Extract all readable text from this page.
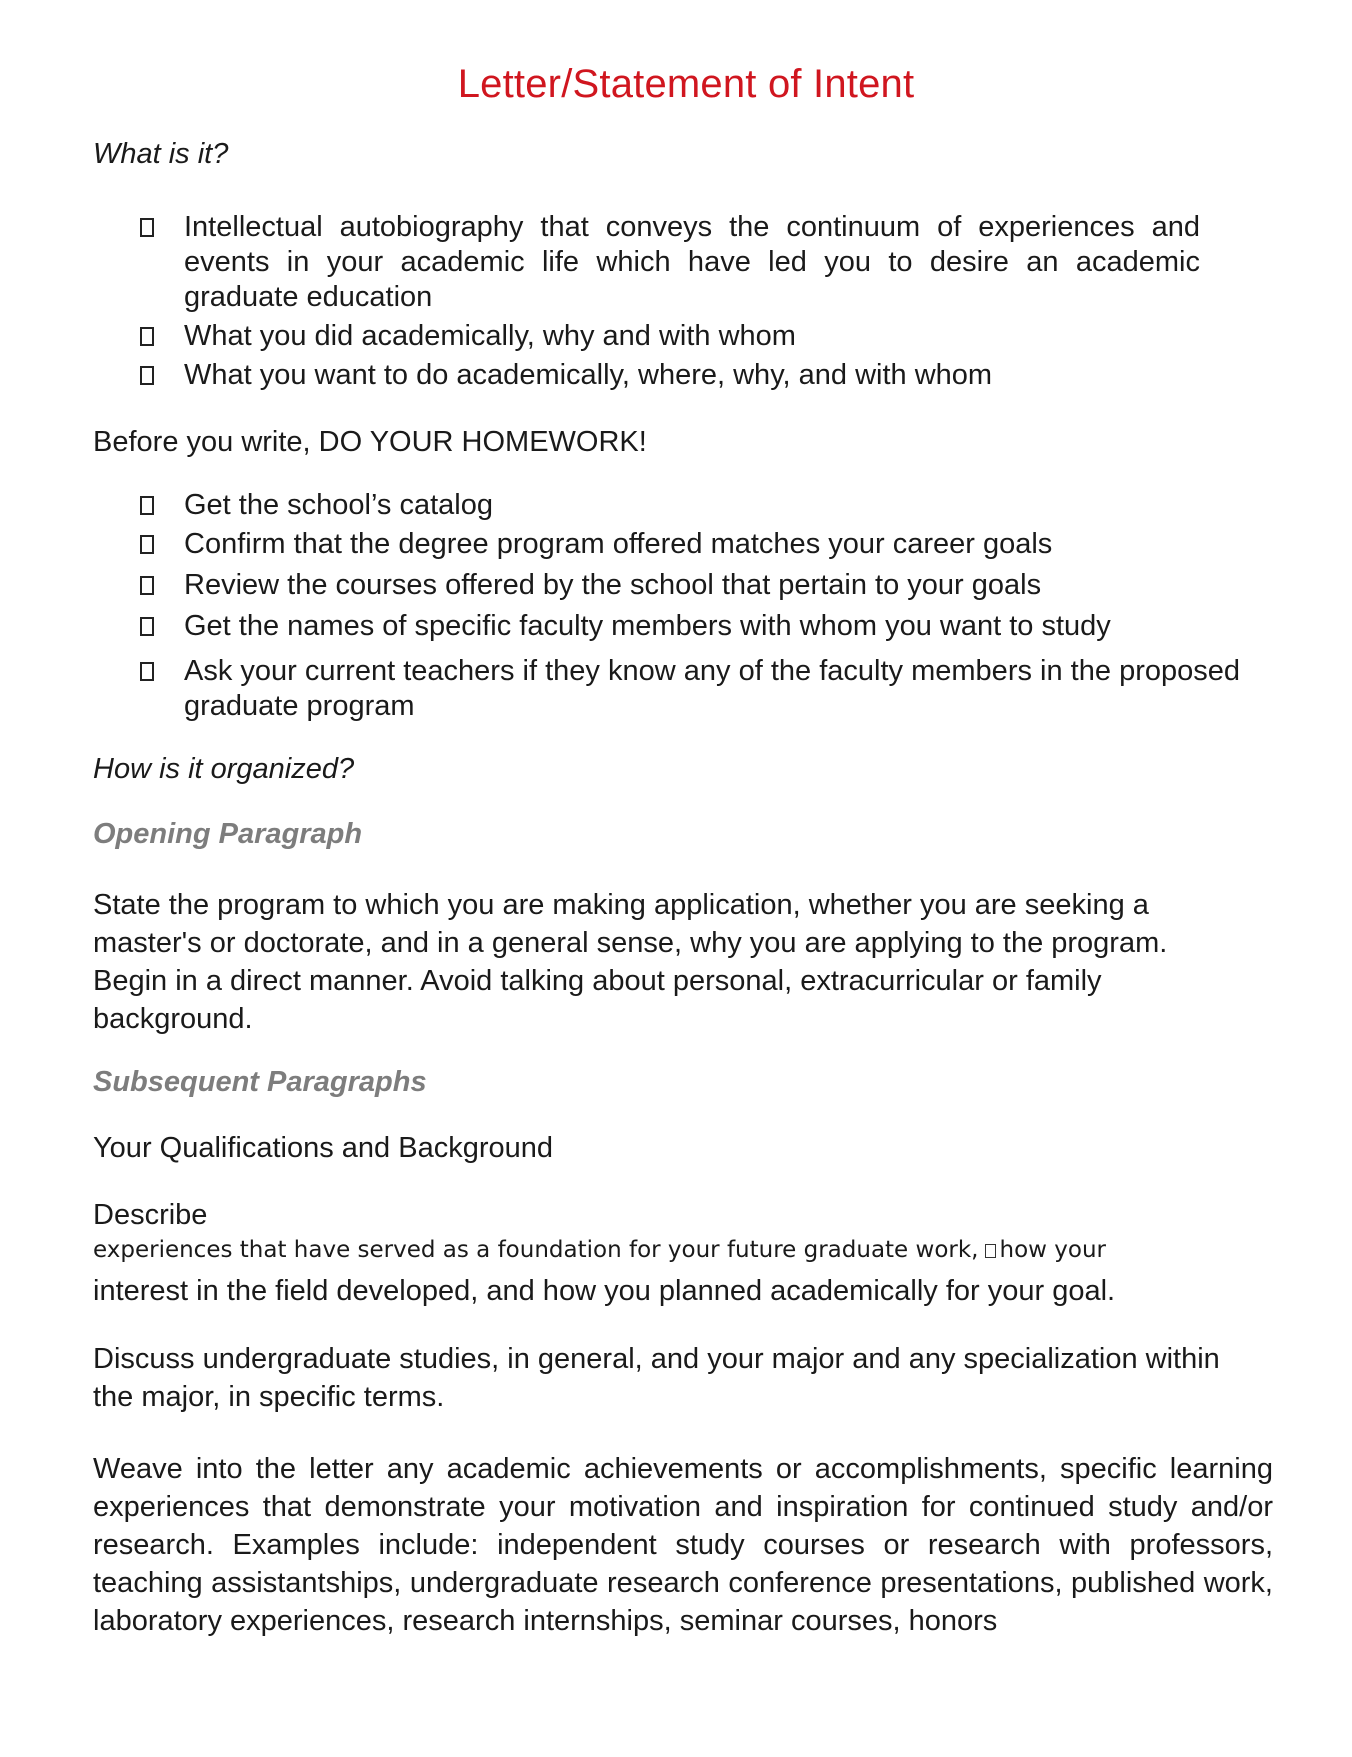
Letter/Statement of Intent
What is it?
Intellectual autobiography that conveys the continuum of experiences and events in your academic life which have led you to desire an academic graduate education
What you did academically, why and with whom
What you want to do academically, where, why, and with whom
Before you write, DO YOUR HOMEWORK!
Get the school’s catalog
Confirm that the degree program offered matches your career goals
Review the courses offered by the school that pertain to your goals
Get the names of specific faculty members with whom you want to study
Ask your current teachers if they know any of the faculty members in the proposed graduate program
How is it organized?
Opening Paragraph
State the program to which you are making application, whether you are seeking a master's or doctorate, and in a general sense, why you are applying to the program. Begin in a direct manner. Avoid talking about personal, extracurricular or family background.
Subsequent Paragraphs
Your Qualifications and Background
Describe
experiences that have served as a foundation for your future graduate work, how your
interest in the field developed, and how you planned academically for your goal.
Discuss undergraduate studies, in general, and your major and any specialization within the major, in specific terms.
Weave into the letter any academic achievements or accomplishments, specific learning experiences that demonstrate your motivation and inspiration for continued study and/or research. Examples include: independent study courses or research with professors, teaching assistantships, undergraduate research conference presentations, published work, laboratory experiences, research internships, seminar courses, honors
